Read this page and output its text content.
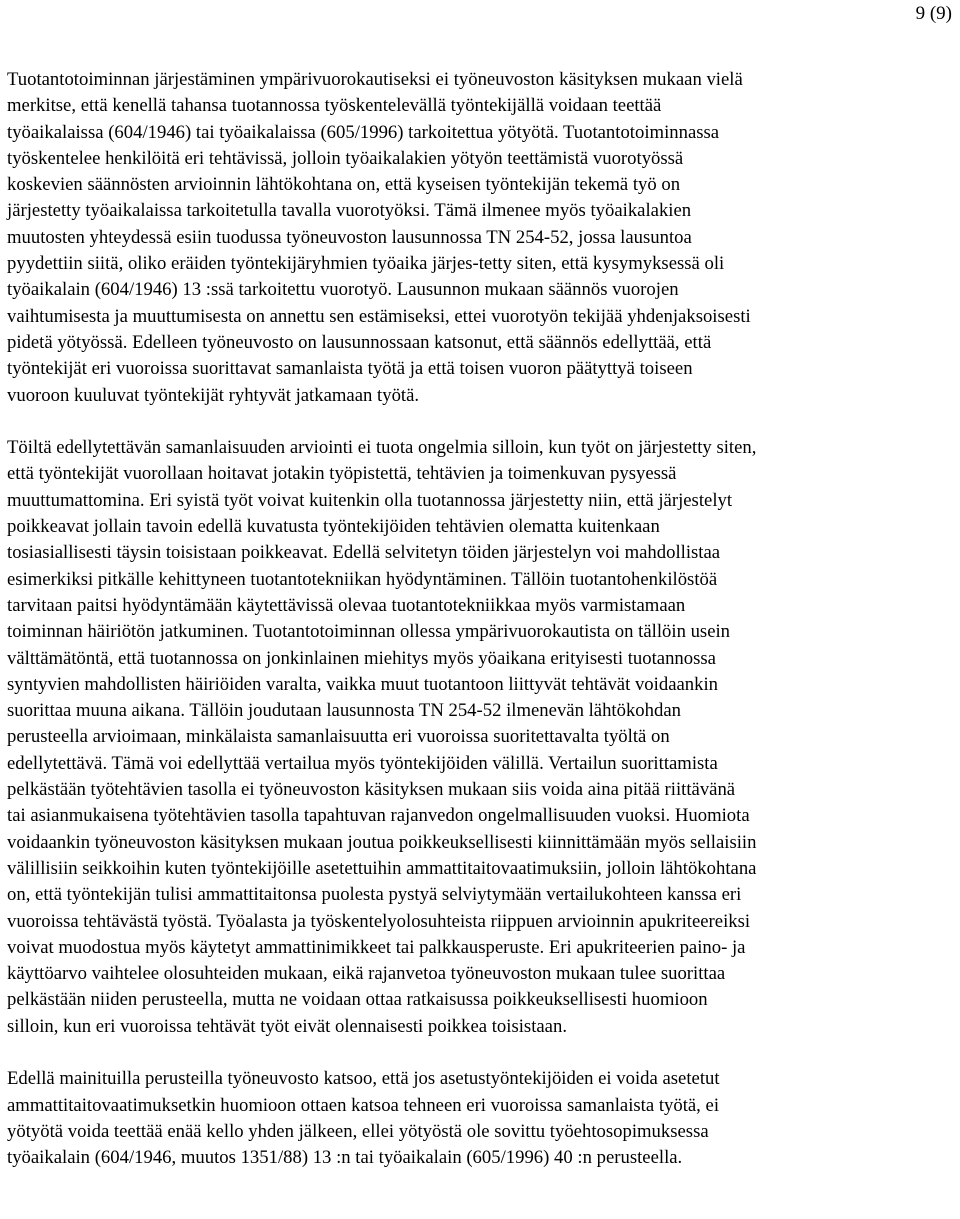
9 (9)

Tuotantotoiminnan järjestäminen ympärivuorokautiseksi ei työneuvoston käsityksen mukaan vielä
merkitse, että kenellä tahansa tuotannossa työskentelevällä työntekijällä voidaan teettää
työaikalaissa (604/1946) tai työaikalaissa (605/1996) tarkoitettua yötyötä. Tuotantotoiminnassa
työskentelee henkilöitä eri tehtävissä, jolloin työaikalakien yötyön teettämistä vuorotyössä
koskevien säännösten arvioinnin lähtökohtana on, että kyseisen työntekijän tekemä työ on
järjestetty työaikalaissa tarkoitetulla tavalla vuorotyöksi. Tämä ilmenee myös työaikalakien
muutosten yhteydessä esiin tuodussa työneuvoston lausunnossa TN 254-52, jossa lausuntoa
pyydettiin siitä, oliko eräiden työntekijäryhmien työaika järjes-tetty siten, että kysymyksessä oli
työaikalain (604/1946) 13 :ssä tarkoitettu vuorotyö. Lausunnon mukaan säännös vuorojen
vaihtumisesta ja muuttumisesta on annettu sen estämiseksi, ettei vuorotyön tekijää yhdenjaksoisesti
pidetä yötyössä. Edelleen työneuvosto on lausunnossaan katsonut, että säännös edellyttää, että
työntekijät eri vuoroissa suorittavat samanlaista työtä ja että toisen vuoron päätyttyä toiseen
vuoroon kuuluvat työntekijät ryhtyvät jatkamaan työtä.

Töiltä edellytettävän samanlaisuuden arviointi ei tuota ongelmia silloin, kun työt on järjestetty siten,
että työntekijät vuorollaan hoitavat jotakin työpistettä, tehtävien ja toimenkuvan pysyessä
muuttumattomina. Eri syistä työt voivat kuitenkin olla tuotannossa järjestetty niin, että järjestelyt
poikkeavat jollain tavoin edellä kuvatusta työntekijöiden tehtävien olematta kuitenkaan
tosiasiallisesti täysin toisistaan poikkeavat. Edellä selvitetyn töiden järjestelyn voi mahdollistaa
esimerkiksi pitkälle kehittyneen tuotantotekniikan hyödyntäminen. Tällöin tuotantohenkilöstöä
tarvitaan paitsi hyödyntämään käytettävissä olevaa tuotantotekniikkaa myös varmistamaan
toiminnan häiriötön jatkuminen. Tuotantotoiminnan ollessa ympärivuorokautista on tällöin usein
välttämätöntä, että tuotannossa on jonkinlainen miehitys myös yöaikana erityisesti tuotannossa
syntyvien mahdollisten häiriöiden varalta, vaikka muut tuotantoon liittyvät tehtävät voidaankin
suorittaa muuna aikana. Tällöin joudutaan lausunnosta TN 254-52 ilmenevän lähtökohdan
perusteella arvioimaan, minkälaista samanlaisuutta eri vuoroissa suoritettavalta työltä on
edellytettävä. Tämä voi edellyttää vertailua myös työntekijöiden välillä. Vertailun suorittamista
pelkästään työtehtävien tasolla ei työneuvoston käsityksen mukaan siis voida aina pitää riittävänä
tai asianmukaisena työtehtävien tasolla tapahtuvan rajanvedon ongelmallisuuden vuoksi. Huomiota
voidaankin työneuvoston käsityksen mukaan joutua poikkeuksellisesti kiinnittämään myös sellaisiin
välillisiin seikkoihin kuten työntekijöille asetettuihin ammattitaitovaatimuksiin, jolloin lähtökohtana
on, että työntekijän tulisi ammattitaitonsa puolesta pystyä selviytymään vertailukohteen kanssa eri
vuoroissa tehtävästä työstä. Työalasta ja työskentelyolosuhteista riippuen arvioinnin apukriteereiksi
voivat muodostua myös käytetyt ammattinimikkeet tai palkkausperuste. Eri apukriteerien paino- ja
käyttöarvo vaihtelee olosuhteiden mukaan, eikä rajanvetoa työneuvoston mukaan tulee suorittaa
pelkästään niiden perusteella, mutta ne voidaan ottaa ratkaisussa poikkeuksellisesti huomioon
silloin, kun eri vuoroissa tehtävät työt eivät olennaisesti poikkea toisistaan.

Edellä mainituilla perusteilla työneuvosto katsoo, että jos asetustyöntekijöiden ei voida asetetut
ammattitaitovaatimuksetkin huomioon ottaen katsoa tehneen eri vuoroissa samanlaista työtä, ei
yötyötä voida teettää enää kello yhden jälkeen, ellei yötyöstä ole sovittu työehtosopimuksessa
työaikalain (604/1946, muutos 1351/88) 13 :n tai työaikalain (605/1996) 40 :n perusteella.
